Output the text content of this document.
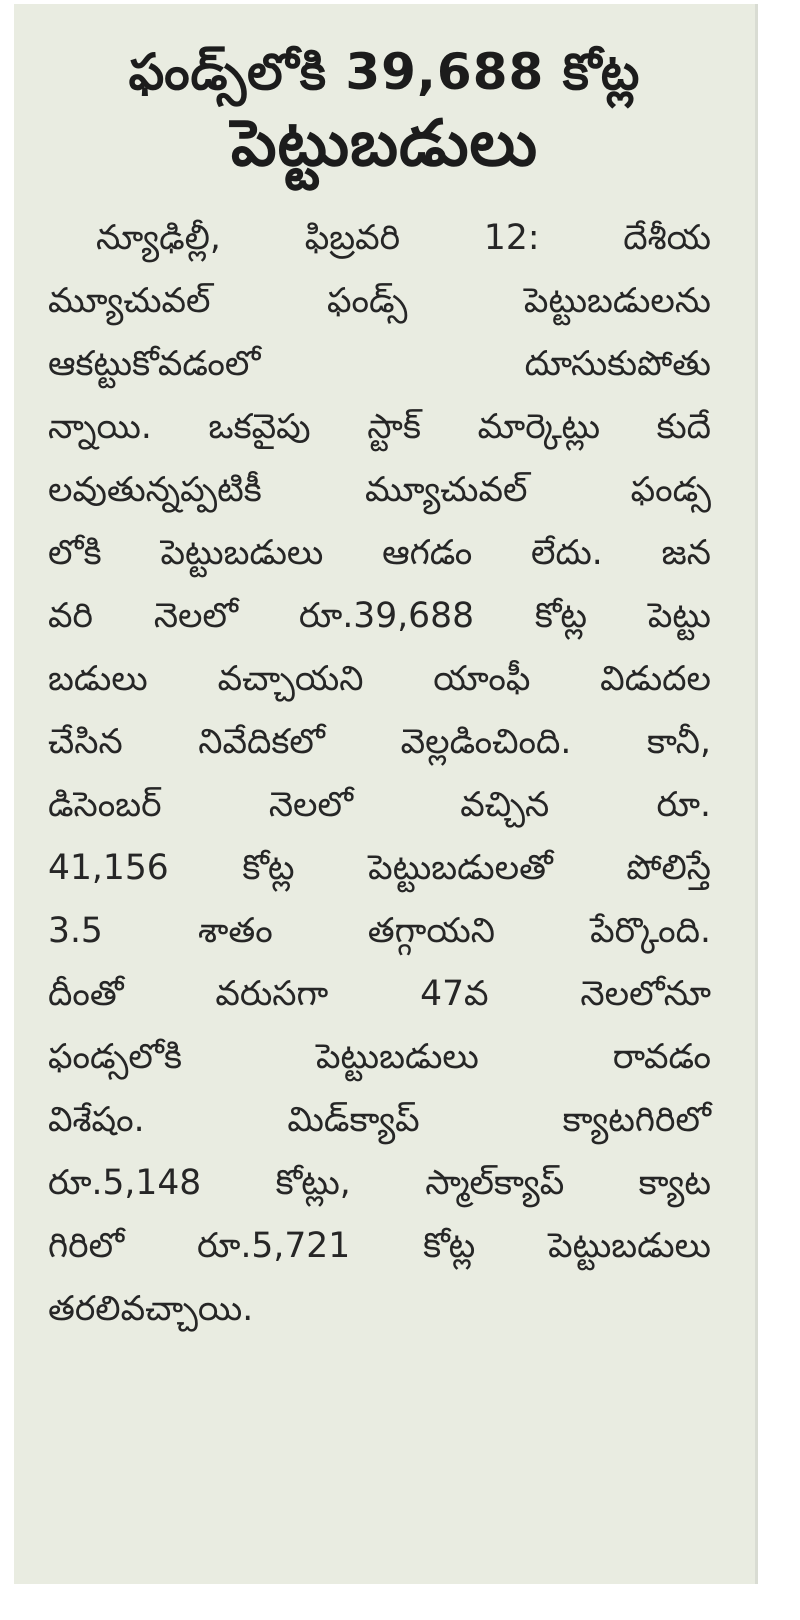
ఫండ్స్‌లోకి 39,688 కోట్ల
పెట్టుబడులు
న్యూఢిల్లీ, ఫిబ్రవరి 12: దేశీయ
మ్యూచువల్ ఫండ్స్ పెట్టుబడులను
ఆకట్టుకోవడంలో దూసుకుపోతు
న్నాయి. ఒకవైపు స్టాక్ మార్కెట్లు కుదే
లవుతున్నప్పటికీ మ్యూచువల్ ఫండ్స
లోకి పెట్టుబడులు ఆగడం లేదు. జన
వరి నెలలో రూ.39,688 కోట్ల పెట్టు
బడులు వచ్చాయని యాంఫీ విడుదల
చేసిన నివేదికలో వెల్లడించింది. కానీ,
డిసెంబర్ నెలలో వచ్చిన రూ.
41,156 కోట్ల పెట్టుబడులతో పోలిస్తే
3.5 శాతం తగ్గాయని పేర్కొంది.
దీంతో వరుసగా 47వ నెలలోనూ
ఫండ్సలోకి పెట్టుబడులు రావడం
విశేషం. మిడ్‌క్యాప్ క్యాటగిరిలో
రూ.5,148 కోట్లు, స్మాల్‌క్యాప్ క్యాట
గిరిలో రూ.5,721 కోట్ల పెట్టుబడులు
తరలివచ్చాయి.
